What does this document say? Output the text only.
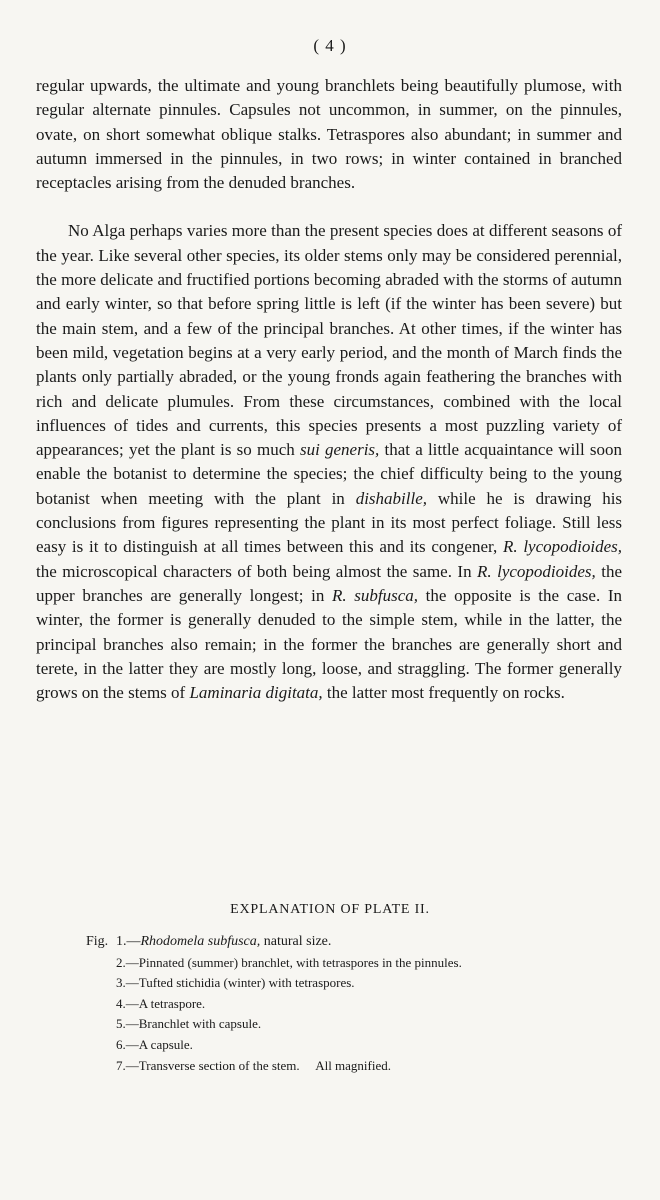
( 4 )

regular upwards, the ultimate and young branchlets being beautifully plumose, with regular alternate pinnules. Capsules not uncommon, in summer, on the pinnules, ovate, on short somewhat oblique stalks. Tetraspores also abundant; in summer and autumn immersed in the pinnules, in two rows; in winter contained in branched receptacles arising from the denuded branches.

No Alga perhaps varies more than the present species does at different seasons of the year. Like several other species, its older stems only may be considered perennial, the more delicate and fructified portions becoming abraded with the storms of autumn and early winter, so that before spring little is left (if the winter has been severe) but the main stem, and a few of the principal branches. At other times, if the winter has been mild, vegetation begins at a very early period, and the month of March finds the plants only partially abraded, or the young fronds again feathering the branches with rich and delicate plumules. From these circumstances, combined with the local influences of tides and currents, this species presents a most puzzling variety of appearances; yet the plant is so much sui generis, that a little acquaintance will soon enable the botanist to determine the species; the chief difficulty being to the young botanist when meeting with the plant in dishabille, while he is drawing his conclusions from figures representing the plant in its most perfect foliage. Still less easy is it to distinguish at all times between this and its congener, R. lycopodioides, the microscopical characters of both being almost the same. In R. lycopodioides, the upper branches are generally longest; in R. subfusca, the opposite is the case. In winter, the former is generally denuded to the simple stem, while in the latter, the principal branches also remain; in the former the branches are generally short and terete, in the latter they are mostly long, loose, and straggling. The former generally grows on the stems of Laminaria digitata, the latter most frequently on rocks.

EXPLANATION OF PLATE II.
Fig. 1.—Rhodomela subfusca, natural size.
2.—Pinnated (summer) branchlet, with tetraspores in the pinnules.
3.—Tufted stichidia (winter) with tetraspores.
4.—A tetraspore.
5.—Branchlet with capsule.
6.—A capsule.
7.—Transverse section of the stem.     All magnified.
